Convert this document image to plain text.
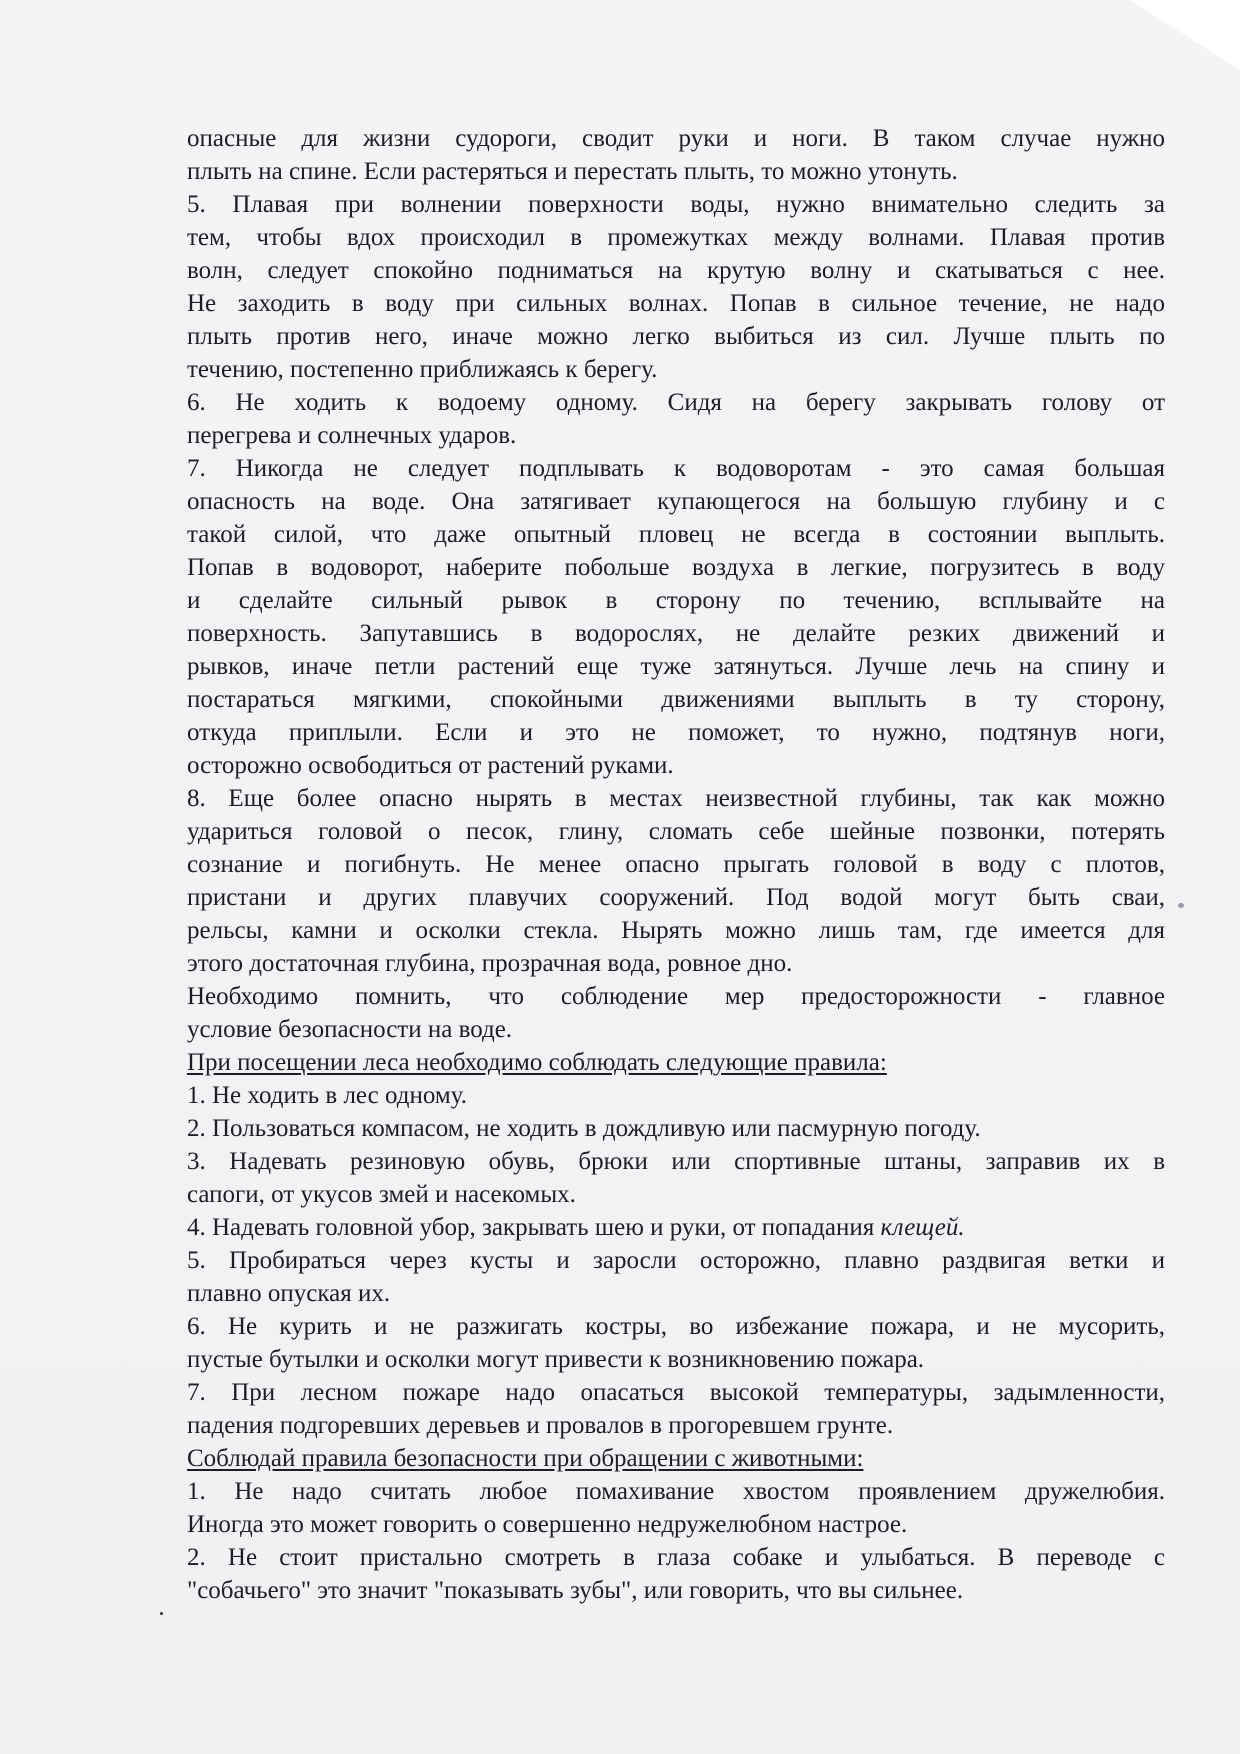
опасные для жизни судороги, сводит руки и ноги. В таком случае нужно
плыть на спине. Если растеряться и перестать плыть, то можно утонуть.
5. Плавая при волнении поверхности воды, нужно внимательно следить за
тем, чтобы вдох происходил в промежутках между волнами. Плавая против
волн, следует спокойно подниматься на крутую волну и скатываться с нее.
Не заходить в воду при сильных волнах. Попав в сильное течение, не надо
плыть против него, иначе можно легко выбиться из сил. Лучше плыть по
течению, постепенно приближаясь к берегу.
6. Не ходить к водоему одному. Сидя на берегу закрывать голову от
перегрева и солнечных ударов.
7. Никогда не следует подплывать к водоворотам - это самая большая
опасность на воде. Она затягивает купающегося на большую глубину и с
такой силой, что даже опытный пловец не всегда в состоянии выплыть.
Попав в водоворот, наберите побольше воздуха в легкие, погрузитесь в воду
и сделайте сильный рывок в сторону по течению, всплывайте на
поверхность. Запутавшись в водорослях, не делайте резких движений и
рывков, иначе петли растений еще туже затянуться. Лучше лечь на спину и
постараться мягкими, спокойными движениями выплыть в ту сторону,
откуда приплыли. Если и это не поможет, то нужно, подтянув ноги,
осторожно освободиться от растений руками.
8. Еще более опасно нырять в местах неизвестной глубины, так как можно
удариться головой о песок, глину, сломать себе шейные позвонки, потерять
сознание и погибнуть. Не менее опасно прыгать головой в воду с плотов,
пристани и других плавучих сооружений. Под водой могут быть сваи,
рельсы, камни и осколки стекла. Нырять можно лишь там, где имеется для
этого достаточная глубина, прозрачная вода, ровное дно.
Необходимо помнить, что соблюдение мер предосторожности - главное
условие безопасности на воде.
При посещении леса необходимо соблюдать следующие правила:
1. Не ходить в лес одному.
2. Пользоваться компасом, не ходить в дождливую или пасмурную погоду.
3. Надевать резиновую обувь, брюки или спортивные штаны, заправив их в
сапоги, от укусов змей и насекомых.
4. Надевать головной убор, закрывать шею и руки, от попадания клещей.
5. Пробираться через кусты и заросли осторожно, плавно раздвигая ветки и
плавно опуская их.
6. Не курить и не разжигать костры, во избежание пожара, и не мусорить,
пустые бутылки и осколки могут привести к возникновению пожара.
7. При лесном пожаре надо опасаться высокой температуры, задымленности,
падения подгоревших деревьев и провалов в прогоревшем грунте.
Соблюдай правила безопасности при обращении с животными:
1. Не надо считать любое помахивание хвостом проявлением дружелюбия.
Иногда это может говорить о совершенно недружелюбном настрое.
2. Не стоит пристально смотреть в глаза собаке и улыбаться. В переводе с
"собачьего" это значит "показывать зубы", или говорить, что вы сильнее.
